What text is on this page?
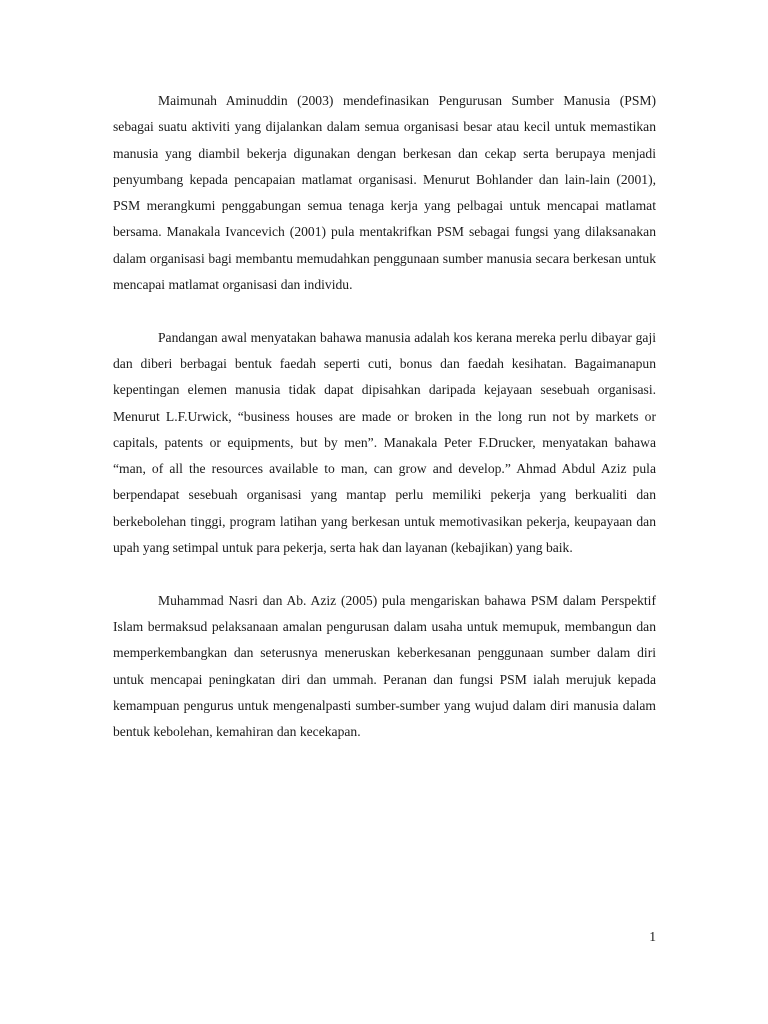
Maimunah Aminuddin (2003) mendefinasikan Pengurusan Sumber Manusia (PSM) sebagai suatu aktiviti yang dijalankan dalam semua organisasi besar atau kecil untuk memastikan manusia yang diambil bekerja digunakan dengan berkesan dan cekap serta berupaya menjadi penyumbang kepada pencapaian matlamat organisasi. Menurut Bohlander dan lain-lain (2001), PSM merangkumi penggabungan semua tenaga kerja yang pelbagai untuk mencapai matlamat bersama. Manakala Ivancevich (2001) pula mentakrifkan PSM sebagai fungsi yang dilaksanakan dalam organisasi bagi membantu memudahkan penggunaan sumber manusia secara berkesan untuk mencapai matlamat organisasi dan individu.

Pandangan awal menyatakan bahawa manusia adalah kos kerana mereka perlu dibayar gaji dan diberi berbagai bentuk faedah seperti cuti, bonus dan faedah kesihatan. Bagaimanapun kepentingan elemen manusia tidak dapat dipisahkan daripada kejayaan sesebuah organisasi. Menurut L.F.Urwick, “business houses are made or broken in the long run not by markets or capitals, patents or equipments, but by men”. Manakala Peter F.Drucker, menyatakan bahawa “man, of all the resources available to man, can grow and develop.” Ahmad Abdul Aziz pula berpendapat sesebuah organisasi yang mantap perlu memiliki pekerja yang berkualiti dan berkebolehan tinggi, program latihan yang berkesan untuk memotivasikan pekerja, keupayaan dan upah yang setimpal untuk para pekerja, serta hak dan layanan (kebajikan) yang baik.

Muhammad Nasri dan Ab. Aziz (2005) pula mengariskan bahawa PSM dalam Perspektif Islam bermaksud pelaksanaan amalan pengurusan dalam usaha untuk memupuk, membangun dan memperkembangkan dan seterusnya meneruskan keberkesanan penggunaan sumber dalam diri untuk mencapai peningkatan diri dan ummah. Peranan dan fungsi PSM ialah merujuk kepada kemampuan pengurus untuk mengenalpasti sumber-sumber yang wujud dalam diri manusia dalam bentuk kebolehan, kemahiran dan kecekapan.

1
